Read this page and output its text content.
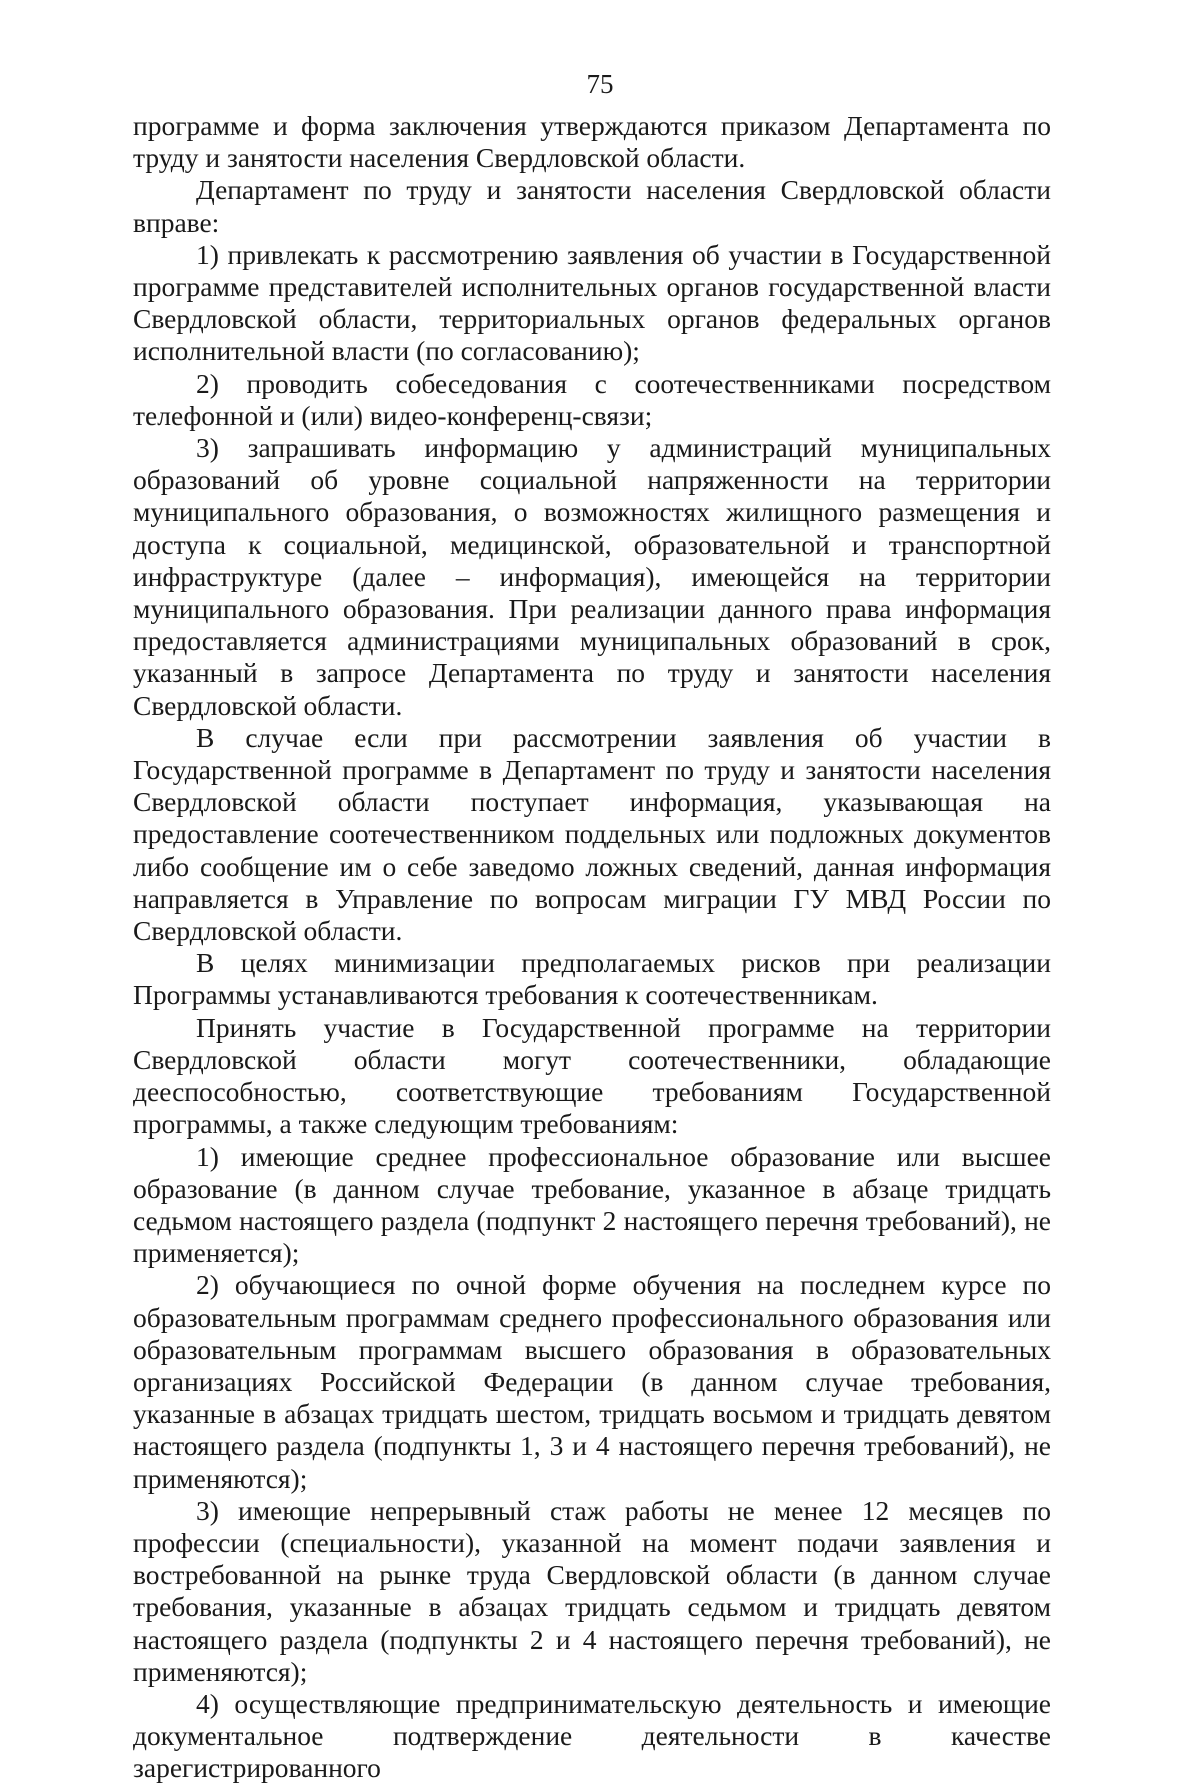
75

программе и форма заключения утверждаются приказом Департамента по труду и занятости населения Свердловской области.

Департамент по труду и занятости населения Свердловской области вправе:

1) привлекать к рассмотрению заявления об участии в Государственной программе представителей исполнительных органов государственной власти Свердловской области, территориальных органов федеральных органов исполнительной власти (по согласованию);

2) проводить собеседования с соотечественниками посредством телефонной и (или) видео-конференц-связи;

3) запрашивать информацию у администраций муниципальных образований об уровне социальной напряженности на территории муниципального образования, о возможностях жилищного размещения и доступа к социальной, медицинской, образовательной и транспортной инфраструктуре (далее – информация), имеющейся на территории муниципального образования. При реализации данного права информация предоставляется администрациями муниципальных образований в срок, указанный в запросе Департамента по труду и занятости населения Свердловской области.

В случае если при рассмотрении заявления об участии в Государственной программе в Департамент по труду и занятости населения Свердловской области поступает информация, указывающая на предоставление соотечественником поддельных или подложных документов либо сообщение им о себе заведомо ложных сведений, данная информация направляется в Управление по вопросам миграции ГУ МВД России по Свердловской области.

В целях минимизации предполагаемых рисков при реализации Программы устанавливаются требования к соотечественникам.

Принять участие в Государственной программе на территории Свердловской области могут соотечественники, обладающие дееспособностью, соответствующие требованиям Государственной программы, а также следующим требованиям:

1) имеющие среднее профессиональное образование или высшее образование (в данном случае требование, указанное в абзаце тридцать седьмом настоящего раздела (подпункт 2 настоящего перечня требований), не применяется);

2) обучающиеся по очной форме обучения на последнем курсе по образовательным программам среднего профессионального образования или образовательным программам высшего образования в образовательных организациях Российской Федерации (в данном случае требования, указанные в абзацах тридцать шестом, тридцать восьмом и тридцать девятом настоящего раздела (подпункты 1, 3 и 4 настоящего перечня требований), не применяются);

3) имеющие непрерывный стаж работы не менее 12 месяцев по профессии (специальности), указанной на момент подачи заявления и востребованной на рынке труда Свердловской области (в данном случае требования, указанные в абзацах тридцать седьмом и тридцать девятом настоящего раздела (подпункты 2 и 4 настоящего перечня требований), не применяются);

4) осуществляющие предпринимательскую деятельность и имеющие документальное подтверждение деятельности в качестве зарегистрированного
